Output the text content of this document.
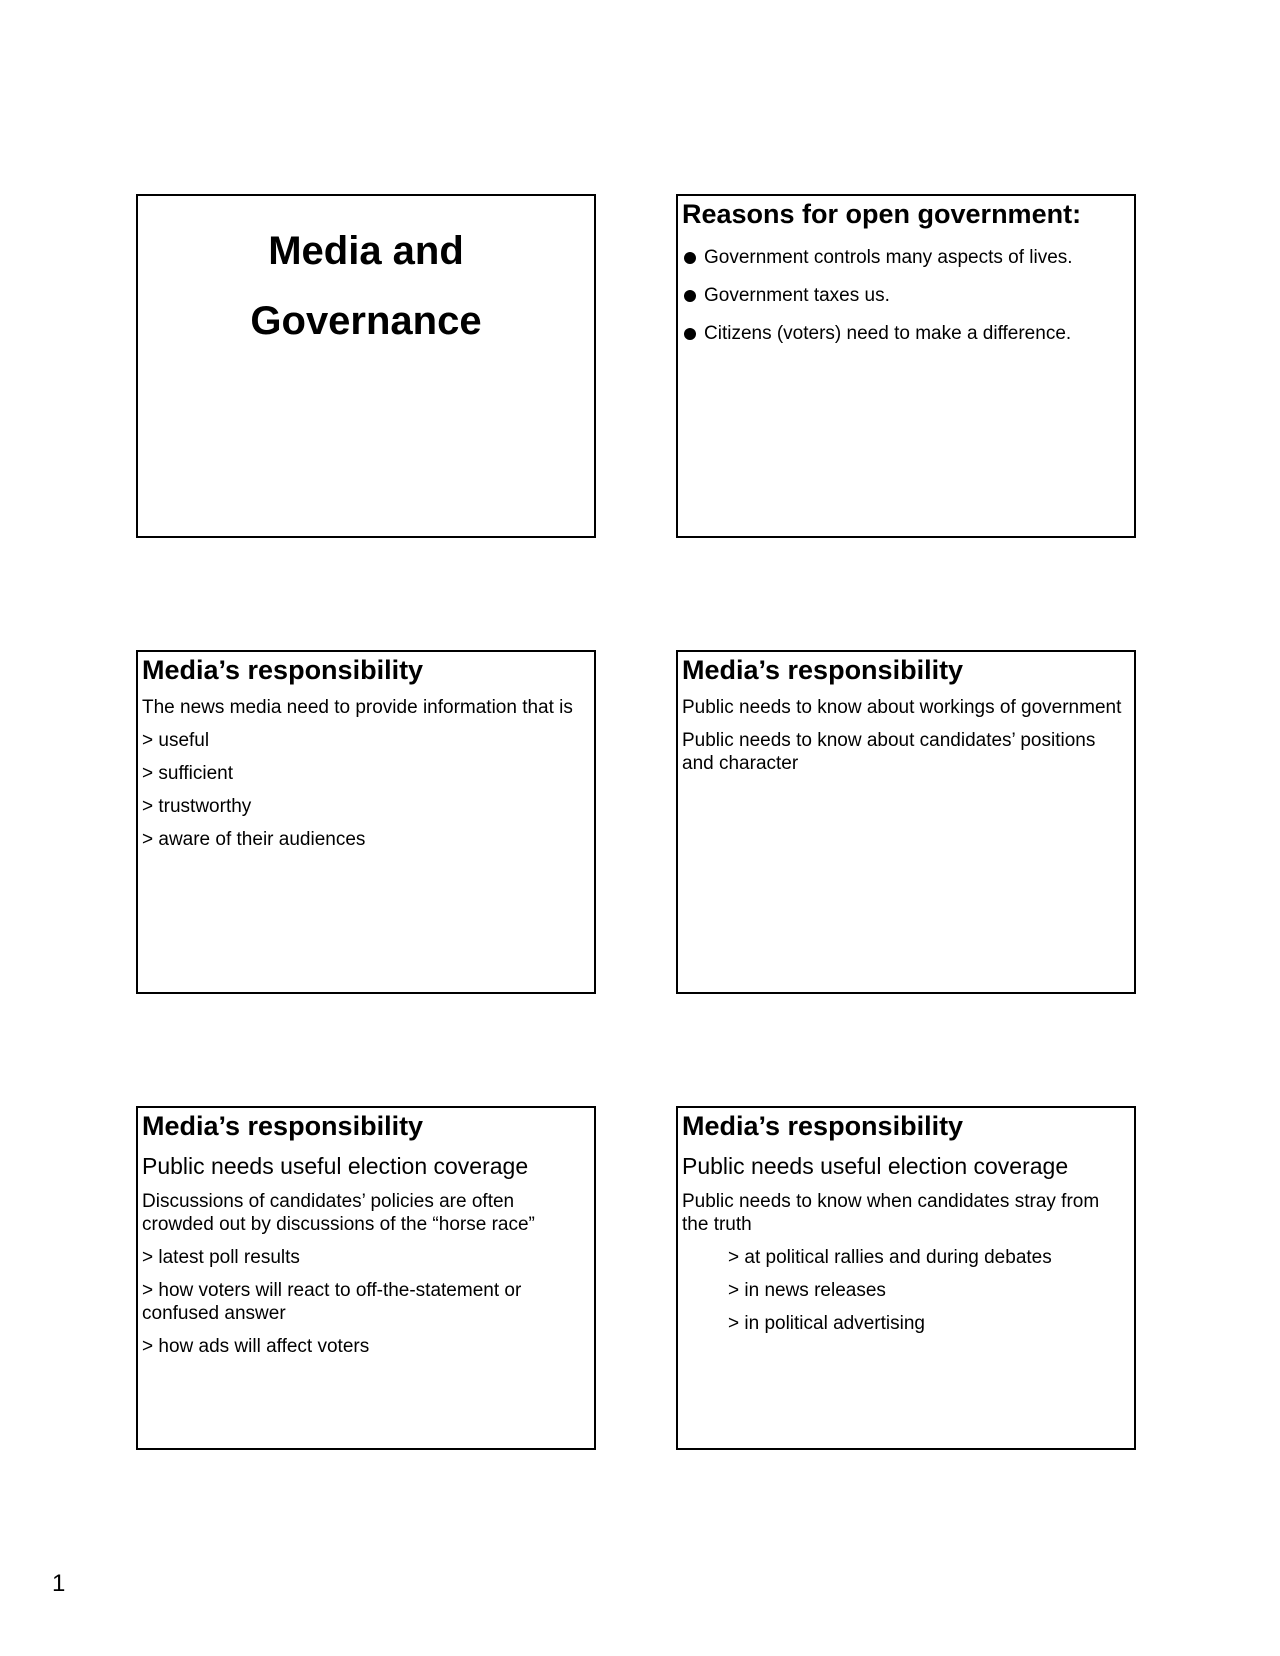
Media and
Governance
Reasons for open government:
Government controls many aspects of lives.
Government taxes us.
Citizens (voters) need to make a difference.
Media’s responsibility
The news media need to provide information that is
> useful
> sufficient
> trustworthy
> aware of their audiences
Media’s responsibility
Public needs to know about workings of government
Public needs to know about candidates’ positions and character
Media’s responsibility
Public needs useful election coverage
Discussions of candidates’ policies are often crowded out by discussions of the “horse race”
> latest poll results
> how voters will react to off-the-statement or confused answer
> how ads will affect voters
Media’s responsibility
Public needs useful election coverage
Public needs to know when candidates stray from the truth
> at political rallies and during debates
> in news releases
> in political advertising
1
